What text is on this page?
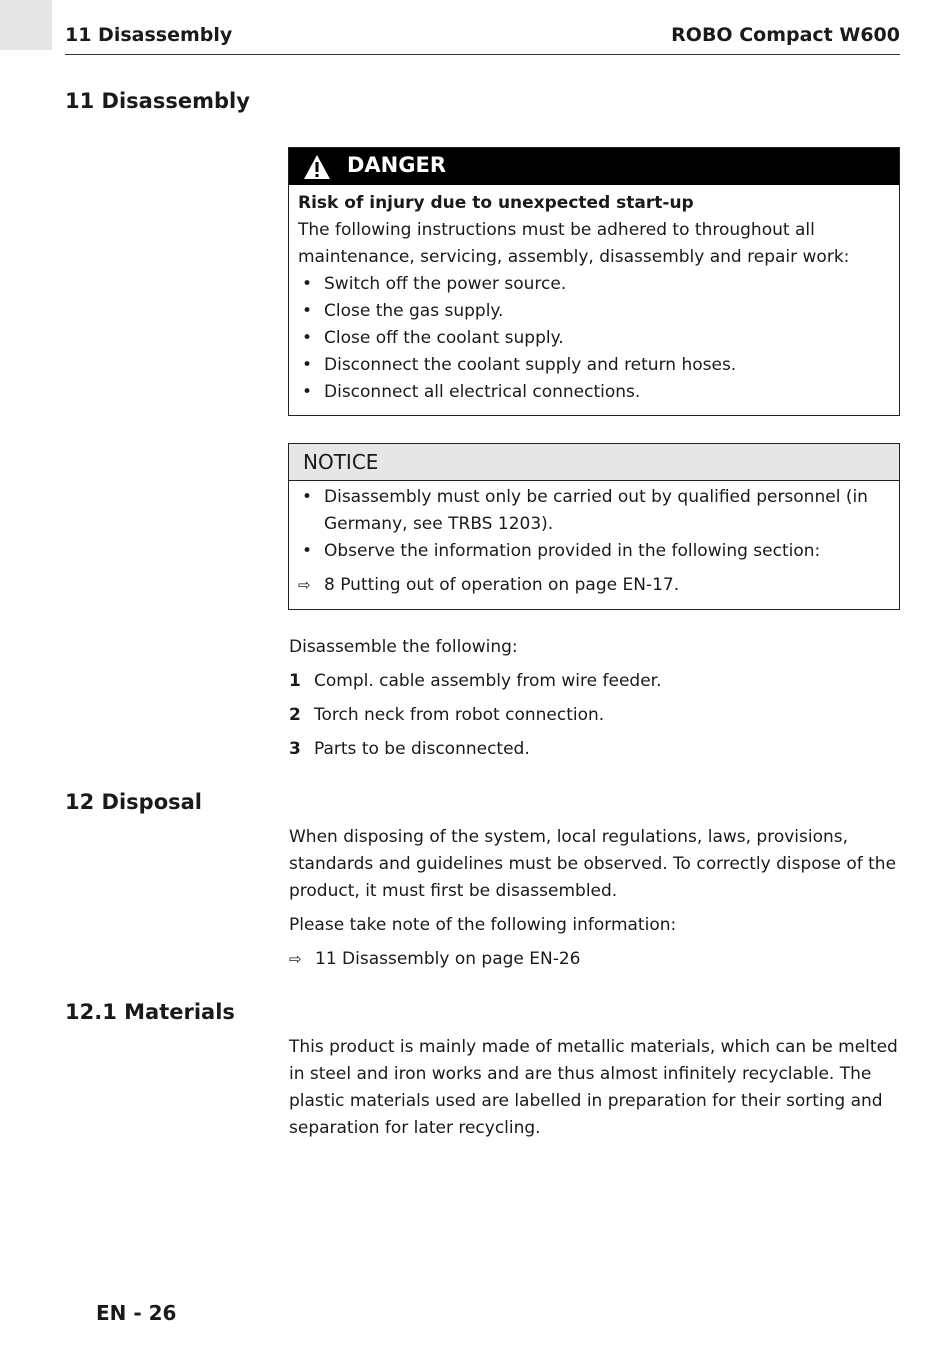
11 Disassembly	ROBO Compact W600
11 Disassembly
DANGER
Risk of injury due to unexpected start-up
The following instructions must be adhered to throughout all maintenance, servicing, assembly, disassembly and repair work:
• Switch off the power source.
• Close the gas supply.
• Close off the coolant supply.
• Disconnect the coolant supply and return hoses.
• Disconnect all electrical connections.
NOTICE
• Disassembly must only be carried out by qualified personnel (in Germany, see TRBS 1203).
• Observe the information provided in the following section:
⇨ 8 Putting out of operation on page EN-17.

Disassemble the following:

1 Compl. cable assembly from wire feeder.
2 Torch neck from robot connection.
3 Parts to be disconnected.
12 Disposal

When disposing of the system, local regulations, laws, provisions, standards and guidelines must be observed. To correctly dispose of the product, it must first be disassembled.

Please take note of the following information:

⇨ 11 Disassembly on page EN-26
12.1 Materials

This product is mainly made of metallic materials, which can be melted in steel and iron works and are thus almost infinitely recyclable. The plastic materials used are labelled in preparation for their sorting and separation for later recycling.

EN - 26
